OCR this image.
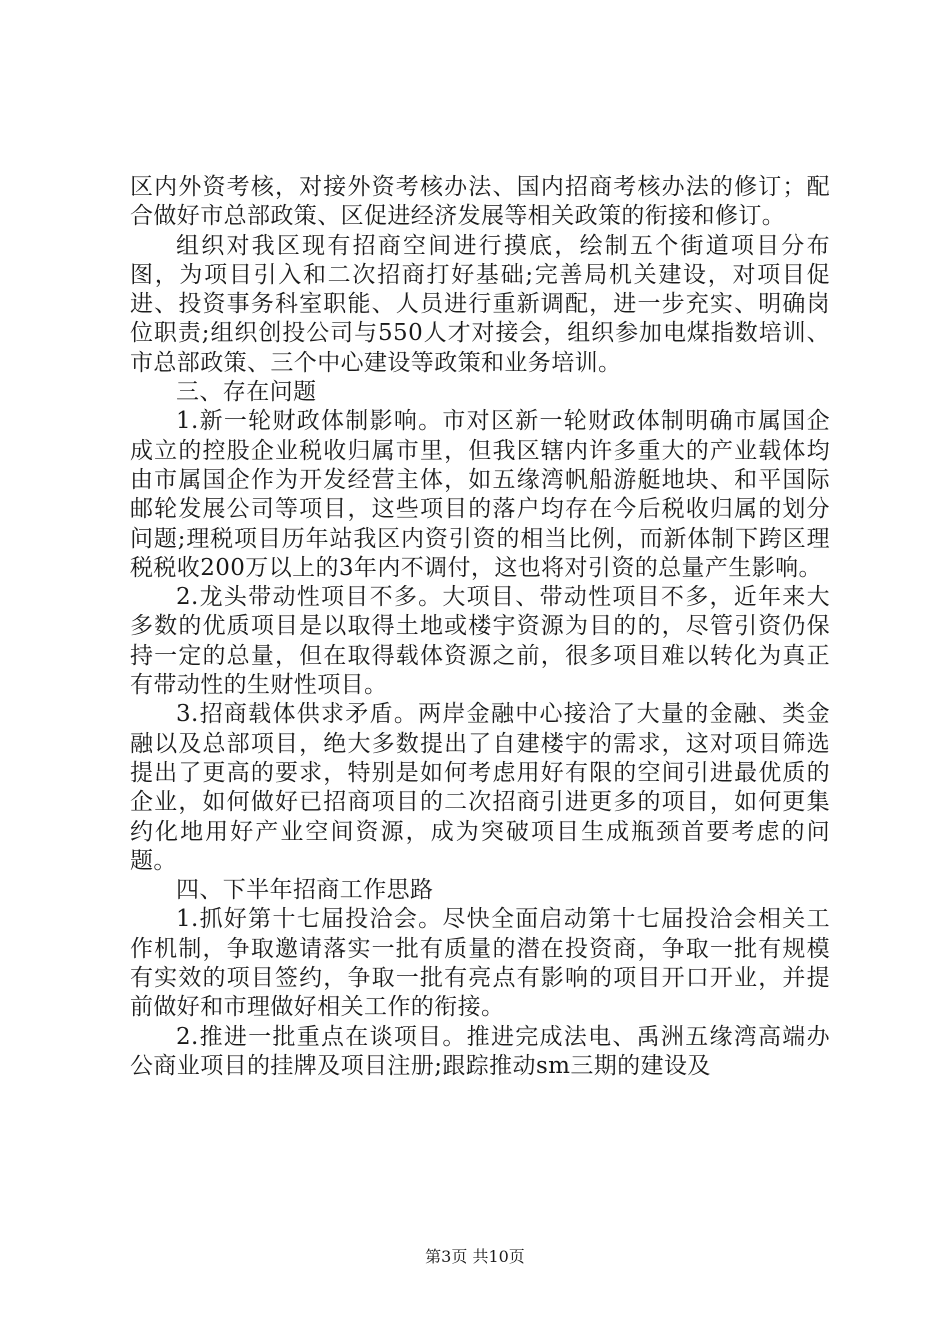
区内外资考核，对接外资考核办法、国内招商考核办法的修订；配合做好市总部政策、区促进经济发展等相关政策的衔接和修订。

组织对我区现有招商空间进行摸底，绘制五个街道项目分布图，为项目引入和二次招商打好基础;完善局机关建设，对项目促进、投资事务科室职能、人员进行重新调配，进一步充实、明确岗位职责;组织创投公司与550人才对接会，组织参加电煤指数培训、市总部政策、三个中心建设等政策和业务培训。

三、存在问题

1.新一轮财政体制影响。市对区新一轮财政体制明确市属国企成立的控股企业税收归属市里，但我区辖内许多重大的产业载体均由市属国企作为开发经营主体，如五缘湾帆船游艇地块、和平国际邮轮发展公司等项目，这些项目的落户均存在今后税收归属的划分问题;理税项目历年站我区内资引资的相当比例，而新体制下跨区理税税收200万以上的3年内不调付，这也将对引资的总量产生影响。

2.龙头带动性项目不多。大项目、带动性项目不多，近年来大多数的优质项目是以取得土地或楼宇资源为目的的，尽管引资仍保持一定的总量，但在取得载体资源之前，很多项目难以转化为真正有带动性的生财性项目。

3.招商载体供求矛盾。两岸金融中心接洽了大量的金融、类金融以及总部项目，绝大多数提出了自建楼宇的需求，这对项目筛选提出了更高的要求，特别是如何考虑用好有限的空间引进最优质的企业，如何做好已招商项目的二次招商引进更多的项目，如何更集约化地用好产业空间资源，成为突破项目生成瓶颈首要考虑的问题。

四、下半年招商工作思路

1.抓好第十七届投洽会。尽快全面启动第十七届投洽会相关工作机制，争取邀请落实一批有质量的潜在投资商，争取一批有规模有实效的项目签约，争取一批有亮点有影响的项目开口开业，并提前做好和市理做好相关工作的衔接。

2.推进一批重点在谈项目。推进完成法电、禹洲五缘湾高端办公商业项目的挂牌及项目注册;跟踪推动sm三期的建设及

第3页 共10页
